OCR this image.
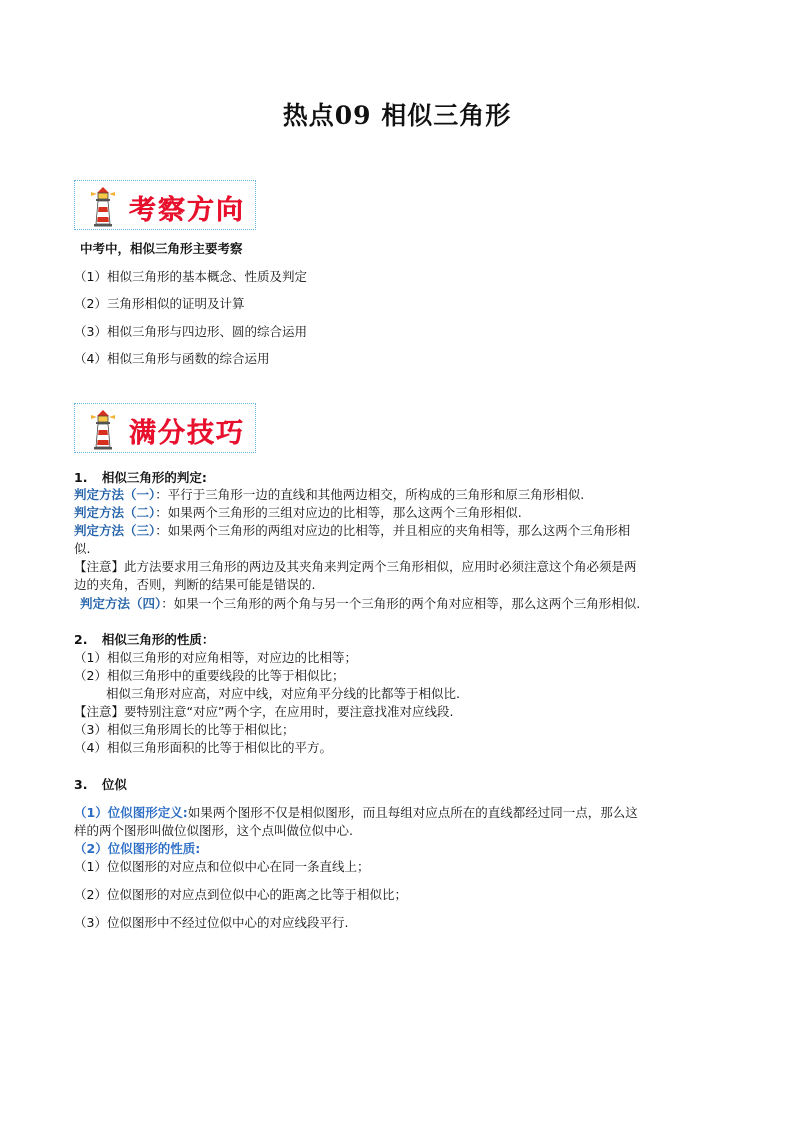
热点09 相似三角形
考察方向
中考中，相似三角形主要考察
（1）相似三角形的基本概念、性质及判定
（2）三角形相似的证明及计算
（3）相似三角形与四边形、圆的综合运用
（4）相似三角形与函数的综合运用
满分技巧
1. 相似三角形的判定:
判定方法（一）：平行于三角形一边的直线和其他两边相交，所构成的三角形和原三角形相似.
判定方法（二）：如果两个三角形的三组对应边的比相等，那么这两个三角形相似.
判定方法（三）：如果两个三角形的两组对应边的比相等，并且相应的夹角相等，那么这两个三角形相
似.
【注意】此方法要求用三角形的两边及其夹角来判定两个三角形相似，应用时必须注意这个角必须是两
边的夹角，否则，判断的结果可能是错误的.
判定方法（四）：如果一个三角形的两个角与另一个三角形的两个角对应相等，那么这两个三角形相似.
2. 相似三角形的性质：
（1）相似三角形的对应角相等，对应边的比相等；
（2）相似三角形中的重要线段的比等于相似比；
相似三角形对应高，对应中线，对应角平分线的比都等于相似比.
【注意】要特别注意“对应”两个字，在应用时，要注意找准对应线段.
（3）相似三角形周长的比等于相似比；
（4）相似三角形面积的比等于相似比的平方。
3. 位似
（1）位似图形定义:如果两个图形不仅是相似图形，而且每组对应点所在的直线都经过同一点，那么这
样的两个图形叫做位似图形，这个点叫做位似中心.
（2）位似图形的性质:
（1）位似图形的对应点和位似中心在同一条直线上；
（2）位似图形的对应点到位似中心的距离之比等于相似比；
（3）位似图形中不经过位似中心的对应线段平行.
